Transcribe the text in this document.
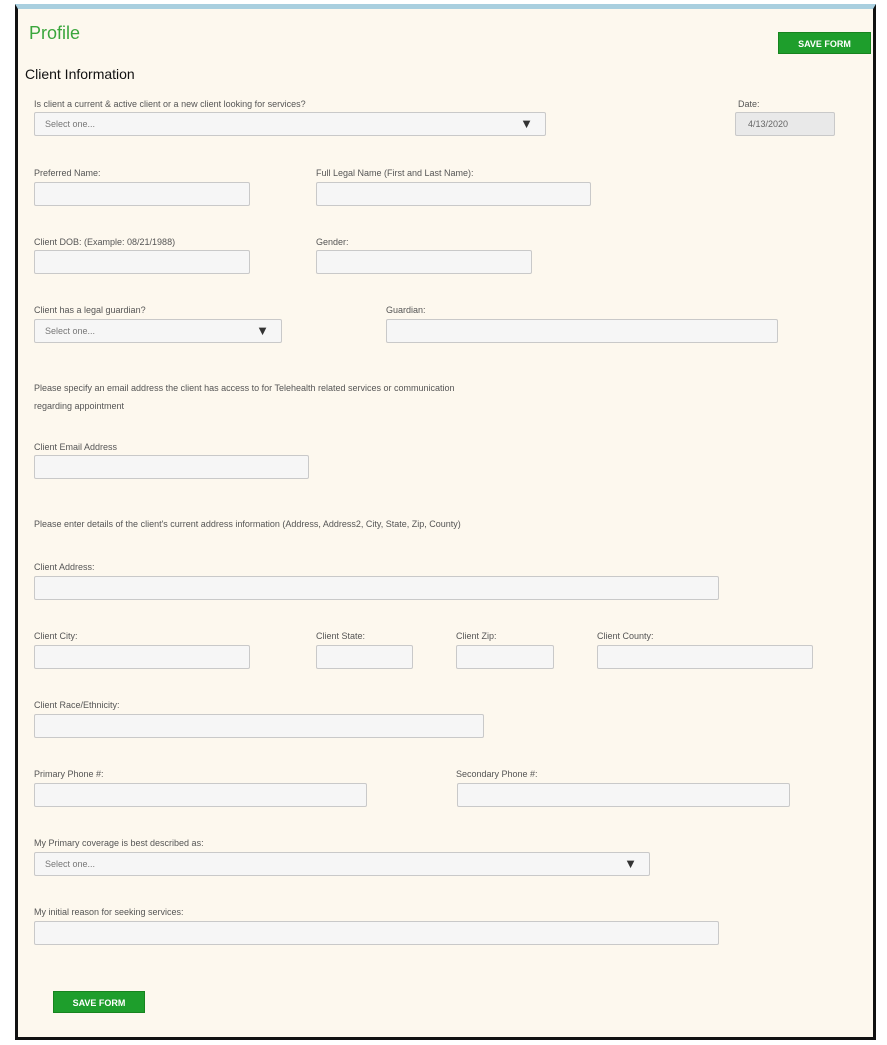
Profile
SAVE FORM
Client Information
Is client a current & active client or a new client looking for services?
Select one...	▼
Date:
4/13/2020
Preferred Name:	Full Legal Name (First and Last Name):
Client DOB: (Example: 08/21/1988)	Gender:
Client has a legal guardian?
Select one...	▼
Guardian:
Please specify an email address the client has access to for Telehealth related services or communication regarding appointment
Client Email Address
Please enter details of the client's current address information (Address, Address2, City, State, Zip, County)
Client Address:
Client City:	Client State:	Client Zip:	Client County:
Client Race/Ethnicity:
Primary Phone #:	Secondary Phone #:
My Primary coverage is best described as:
Select one...	▼
My initial reason for seeking services:
SAVE FORM
